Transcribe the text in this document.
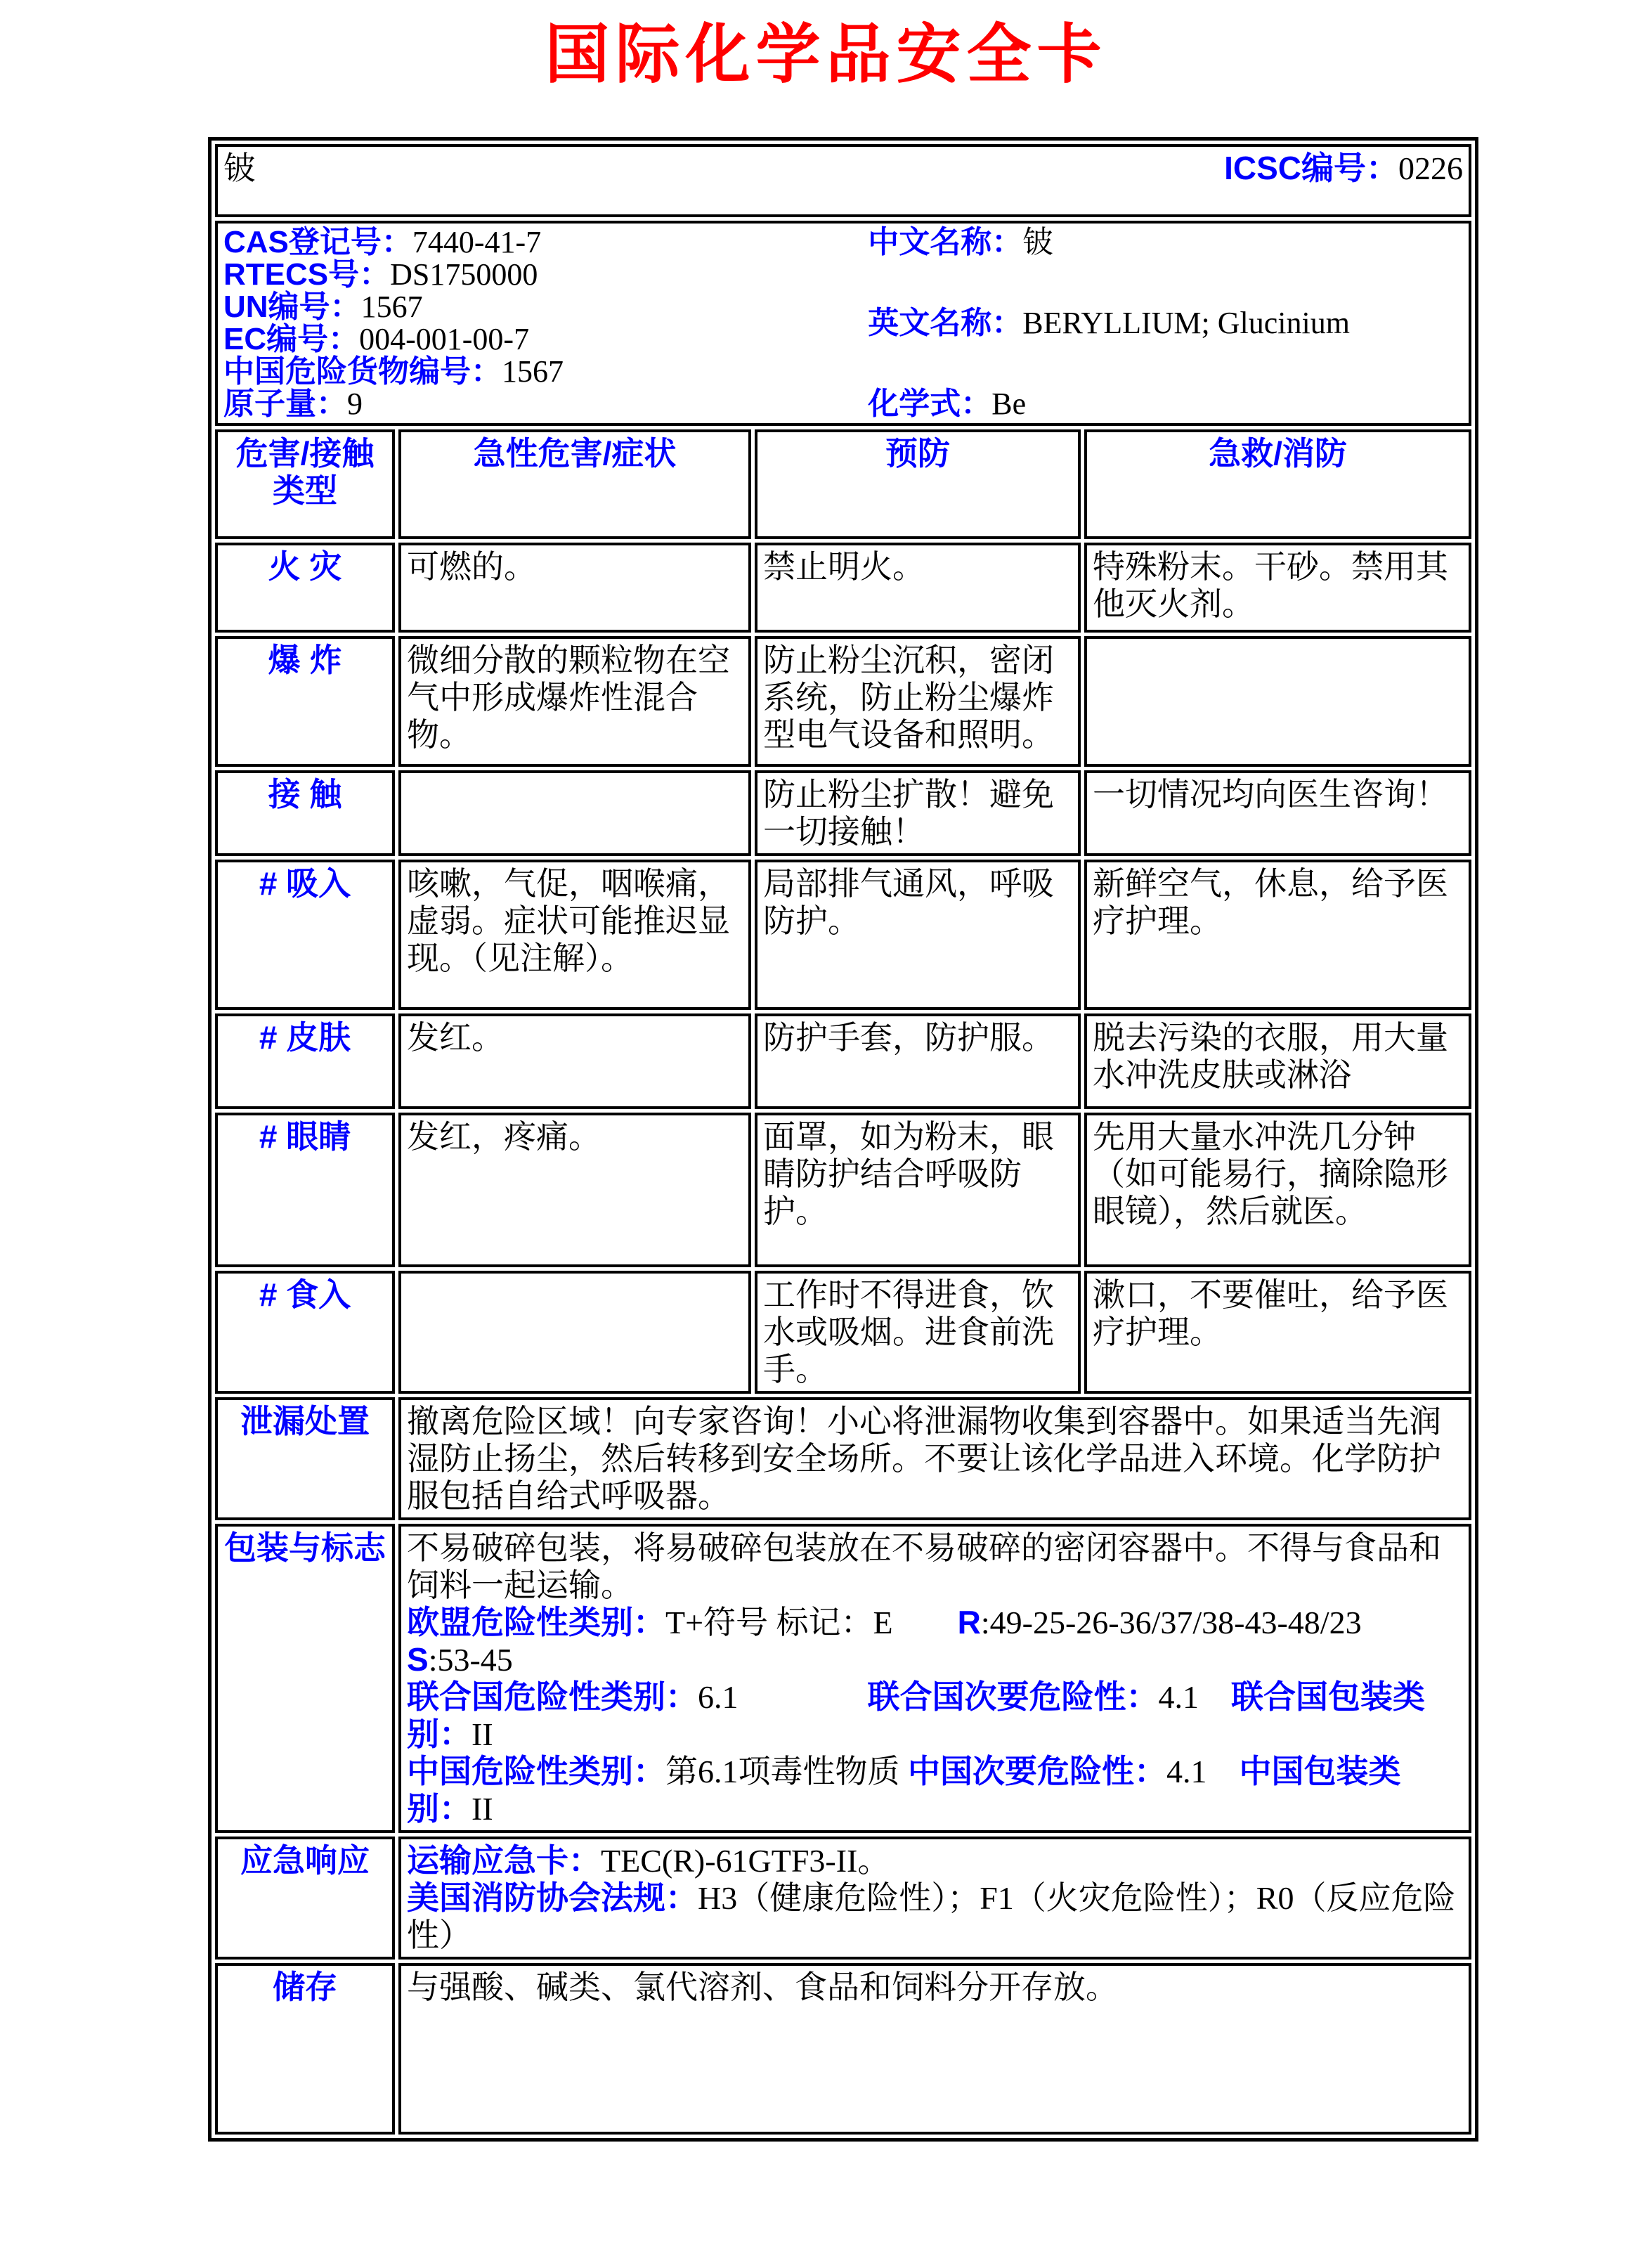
国际化学品安全卡
铍 ICSC编号：0226			

CAS登记号：7440-41-7
RTECS号：DS1750000
UN编号：1567
EC编号：004-001-00-7
中国危险货物编号：1567
原子量：9
中文名称：铍
英文名称：BERYLLIUM; Glucinium
化学式：Be

危害/接触类型	急性危害/症状	预防	急救/消防
火 灾	可燃的。	禁止明火。	特殊粉末。干砂。禁用其他灭火剂。
爆 炸	微细分散的颗粒物在空气中形成爆炸性混合物。	防止粉尘沉积，密闭系统，防止粉尘爆炸型电气设备和照明。	
接 触		防止粉尘扩散！避免一切接触！	一切情况均向医生咨询！
# 吸入	咳嗽，气促，咽喉痛，虚弱。症状可能推迟显现。（见注解）。	局部排气通风，呼吸防护。	新鲜空气，休息，给予医疗护理。
# 皮肤	发红。	防护手套，防护服。	脱去污染的衣服，用大量水冲洗皮肤或淋浴
# 眼睛	发红，疼痛。	面罩，如为粉末，眼睛防护结合呼吸防护。	先用大量水冲洗几分钟（如可能易行，摘除隐形眼镜），然后就医。
# 食入		工作时不得进食，饮水或吸烟。进食前洗手。	漱口，不要催吐，给予医疗护理。
泄漏处置	撤离危险区域！向专家咨询！小心将泄漏物收集到容器中。如果适当先润湿防止扬尘，然后转移到安全场所。不要让该化学品进入环境。化学防护服包括自给式呼吸器。		
包装与标志	不易破碎包装，将易破碎包装放在不易破碎的密闭容器中。不得与食品和饲料一起运输。
欧盟危险性类别：T+符号 标记：E　　R:49-25-26-36/37/38-43-48/23
S:53-45
联合国危险性类别：6.1　　　　联合国次要危险性：4.1　联合国包装类别：II
中国危险性类别：第6.1项毒性物质 中国次要危险性：4.1　中国包装类别：II		
应急响应	运输应急卡：TEC(R)-61GTF3-II。
美国消防协会法规：H3（健康危险性）；F1（火灾危险性）；R0（反应危险性）		
储存	与强酸、碱类、氯代溶剂、食品和饲料分开存放。		
